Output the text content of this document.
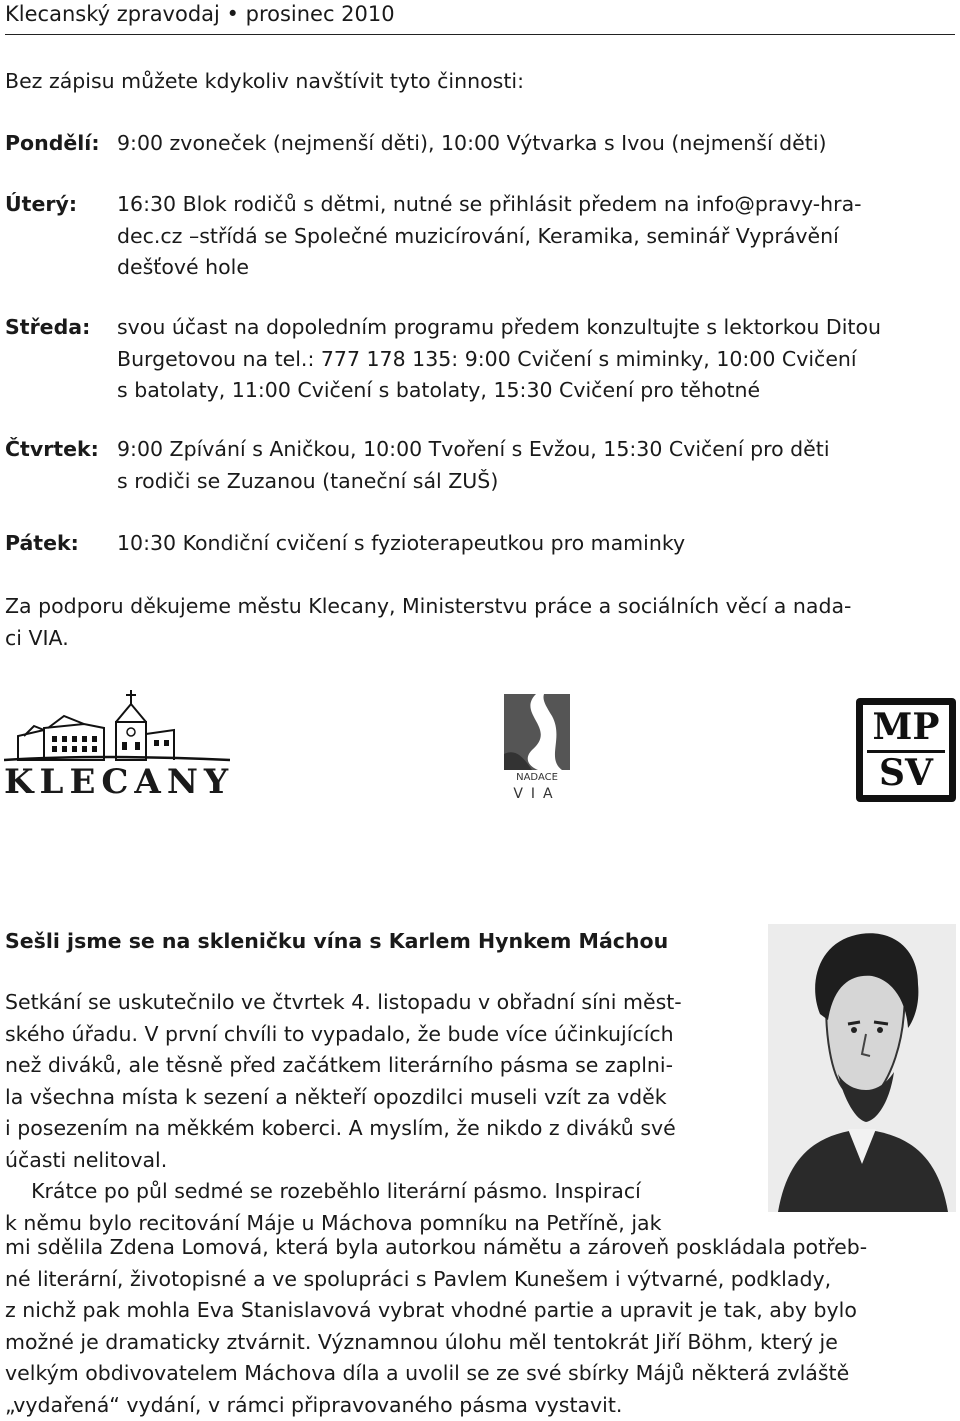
Klecanský zpravodaj • prosinec 2010
Bez zápisu můžete kdykoliv navštívit tyto činnosti:
Pondělí: 9:00 zvoneček (nejmenší děti), 10:00 Výtvarka s Ivou (nejmenší děti)
Úterý: 16:30 Blok rodičů s dětmi, nutné se přihlásit předem na info@pravy-hra-
dec.cz –střídá se Společné muzicírování, Keramika, seminář Vyprávění
dešťové hole
Středa: svou účast na dopoledním programu předem konzultujte s lektorkou Ditou
Burgetovou na tel.: 777 178 135: 9:00 Cvičení s miminky, 10:00 Cvičení
s batolaty, 11:00 Cvičení s batolaty, 15:30 Cvičení pro těhotné
Čtvrtek: 9:00 Zpívání s Aničkou, 10:00 Tvoření s Evžou, 15:30 Cvičení pro děti
s rodiči se Zuzanou (taneční sál ZUŠ)
Pátek: 10:30 Kondiční cvičení s fyzioterapeutkou pro maminky
Za podporu děkujeme městu Klecany, Ministerstvu práce a sociálních věcí a nada-
ci VIA.
KLECANY	NADACE
VIA
MP
SV
Sešli jsme se na skleničku vína s Karlem Hynkem Máchou
Setkání se uskutečnilo ve čtvrtek 4. listopadu v obřadní síni měst-
ského úřadu. V první chvíli to vypadalo, že bude více účinkujících
než diváků, ale těsně před začátkem literárního pásma se zaplni-
la všechna místa k sezení a někteří opozdilci museli vzít za vděk
i posezením na měkkém koberci. A myslím, že nikdo z diváků své
účasti nelitoval.
Krátce po půl sedmé se rozeběhlo literární pásmo. Inspirací
k němu bylo recitování Máje u Máchova pomníku na Petříně, jak
mi sdělila Zdena Lomová, která byla autorkou námětu a zároveň poskládala potřeb-
né literární, životopisné a ve spolupráci s Pavlem Kunešem i výtvarné, podklady,
z nichž pak mohla Eva Stanislavová vybrat vhodné partie a upravit je tak, aby bylo
možné je dramaticky ztvárnit. Významnou úlohu měl tentokrát Jiří Böhm, který je
velkým obdivovatelem Máchova díla a uvolil se ze své sbírky Májů některá zvláště
„vydařená“ vydání, v rámci připravovaného pásma vystavit.
